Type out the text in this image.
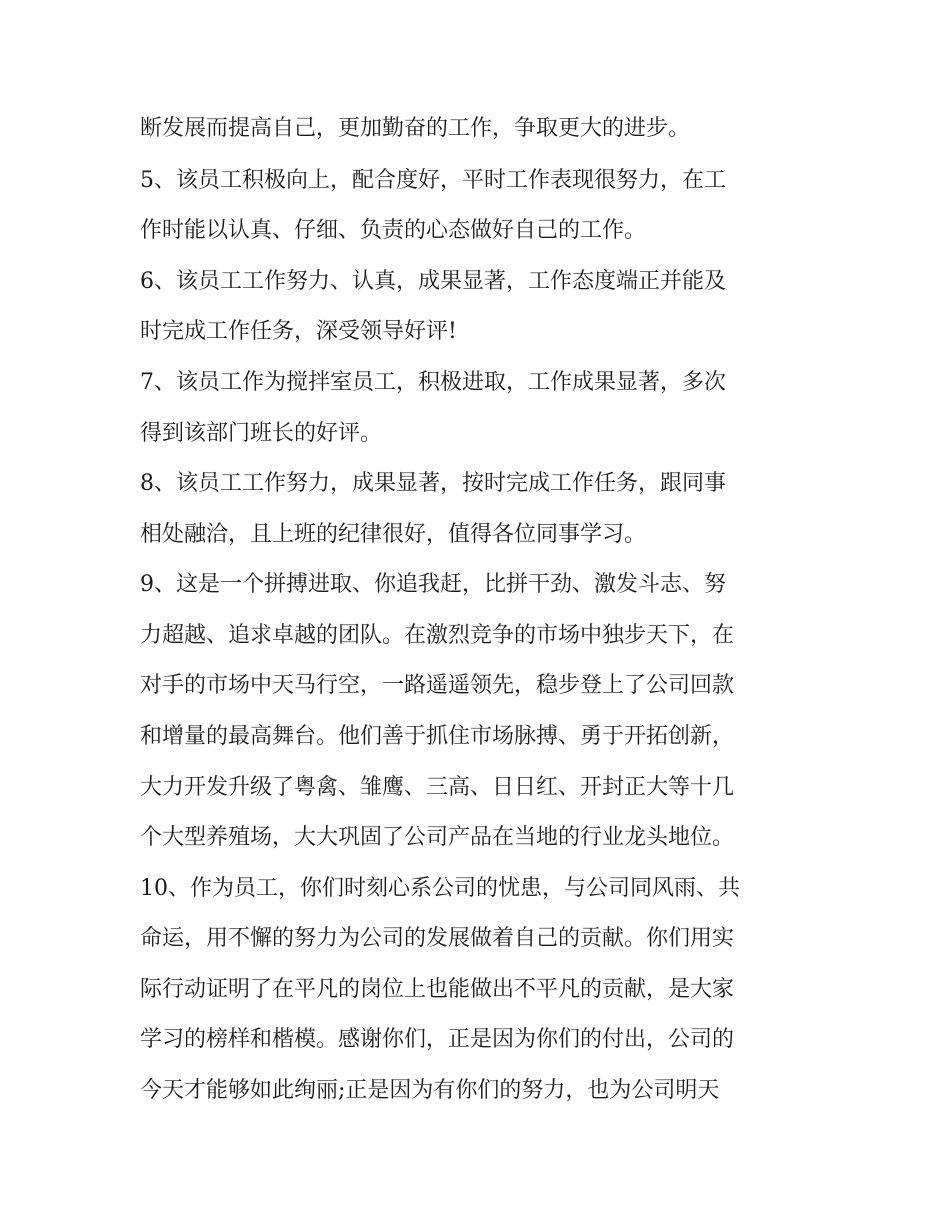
断发展而提高自己，更加勤奋的工作，争取更大的进步。
5、该员工积极向上，配合度好，平时工作表现很努力，在工
作时能以认真、仔细、负责的心态做好自己的工作。
6、该员工工作努力、认真，成果显著，工作态度端正并能及
时完成工作任务，深受领导好评!
7、该员工作为搅拌室员工，积极进取，工作成果显著，多次
得到该部门班长的好评。
8、该员工工作努力，成果显著，按时完成工作任务，跟同事
相处融洽，且上班的纪律很好，值得各位同事学习。
9、这是一个拼搏进取、你追我赶，比拼干劲、激发斗志、努
力超越、追求卓越的团队。在激烈竞争的市场中独步天下，在
对手的市场中天马行空，一路遥遥领先，稳步登上了公司回款
和增量的最高舞台。他们善于抓住市场脉搏、勇于开拓创新，
大力开发升级了粤禽、雏鹰、三高、日日红、开封正大等十几
个大型养殖场，大大巩固了公司产品在当地的行业龙头地位。
10、作为员工，你们时刻心系公司的忧患，与公司同风雨、共
命运，用不懈的努力为公司的发展做着自己的贡献。你们用实
际行动证明了在平凡的岗位上也能做出不平凡的贡献，是大家
学习的榜样和楷模。感谢你们，正是因为你们的付出，公司的
今天才能够如此绚丽;正是因为有你们的努力，也为公司明天
